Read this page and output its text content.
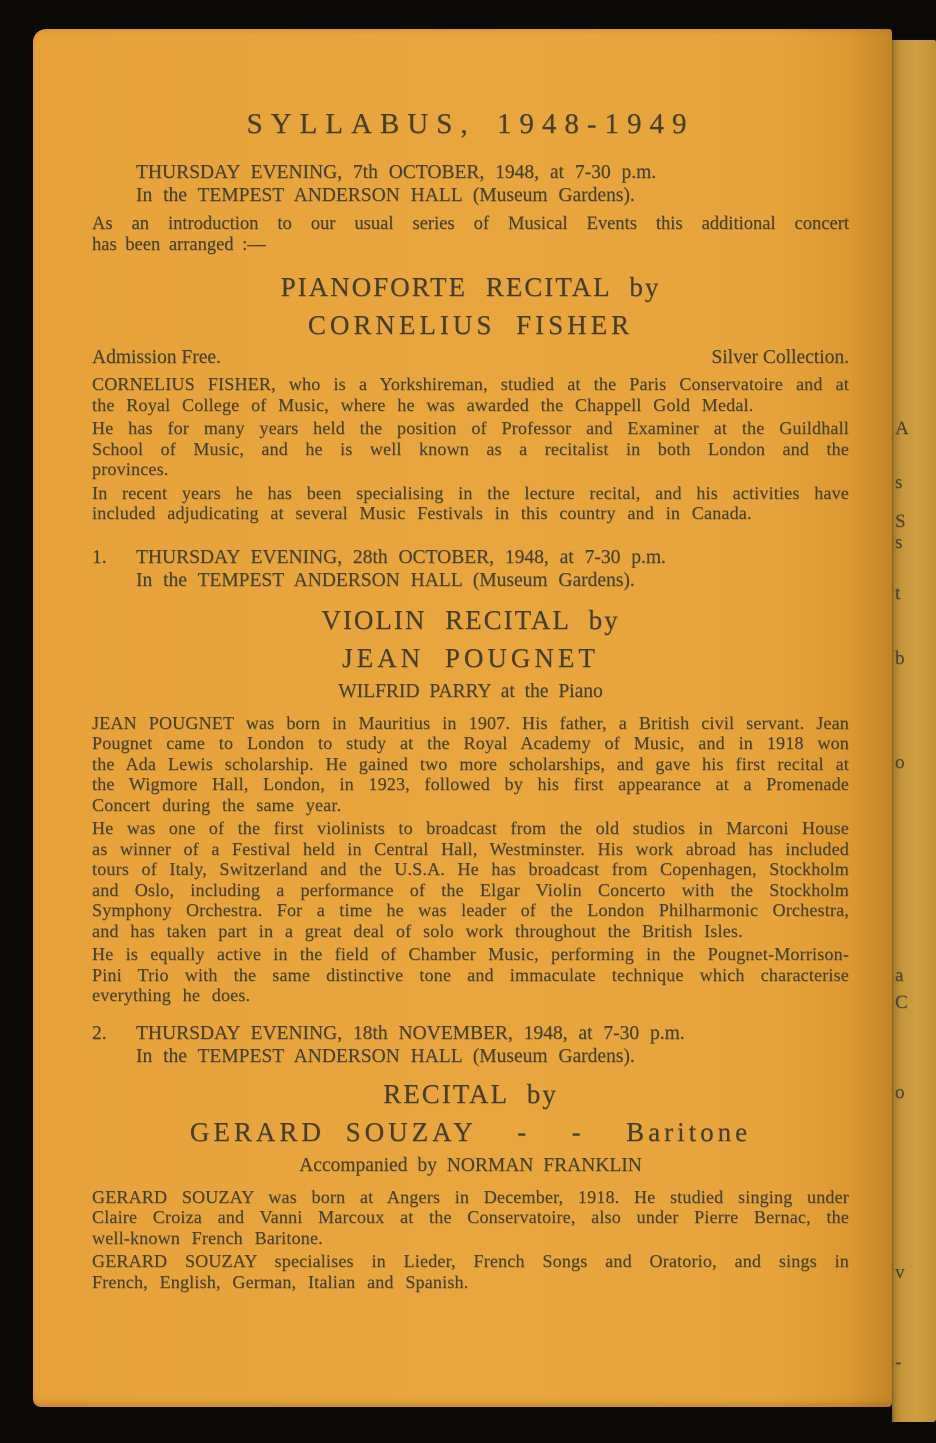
SYLLABUS, 1948-1949
THURSDAY EVENING, 7th OCTOBER, 1948, at 7-30 p.m.
In the TEMPEST ANDERSON HALL (Museum Gardens).
As an introduction to our usual series of Musical Events this additional concert
has been arranged :—
PIANOFORTE RECITAL by
CORNELIUS FISHER
Admission Free.	Silver Collection.

CORNELIUS FISHER, who is a Yorkshireman, studied at the Paris Conservatoire and at the Royal College of Music, where he was awarded the Chappell Gold Medal.

He has for many years held the position of Professor and Examiner at the Guildhall School of Music, and he is well known as a recitalist in both London and the provinces.

In recent years he has been specialising in the lecture recital, and his activities have included adjudicating at several Music Festivals in this country and in Canada.

1.	THURSDAY EVENING, 28th OCTOBER, 1948, at 7-30 p.m.
In the TEMPEST ANDERSON HALL (Museum Gardens).
VIOLIN RECITAL by
JEAN POUGNET
WILFRID PARRY at the Piano

JEAN POUGNET was born in Mauritius in 1907. His father, a British civil servant. Jean Pougnet came to London to study at the Royal Academy of Music, and in 1918 won the Ada Lewis scholarship. He gained two more scholarships, and gave his first recital at the Wigmore Hall, London, in 1923, followed by his first appearance at a Promenade Concert during the same year.

He was one of the first violinists to broadcast from the old studios in Marconi House as winner of a Festival held in Central Hall, Westminster. His work abroad has included tours of Italy, Switzerland and the U.S.A. He has broadcast from Copenhagen, Stockholm and Oslo, including a performance of the Elgar Violin Concerto with the Stockholm Symphony Orchestra. For a time he was leader of the London Philharmonic Orchestra, and has taken part in a great deal of solo work throughout the British Isles.

He is equally active in the field of Chamber Music, performing in the Pougnet-Morrison-Pini Trio with the same distinctive tone and immaculate technique which characterise everything he does.

2.	THURSDAY EVENING, 18th NOVEMBER, 1948, at 7-30 p.m.
In the TEMPEST ANDERSON HALL (Museum Gardens).
RECITAL by
GERARD SOUZAY  -  -  Baritone
Accompanied by NORMAN FRANKLIN

GERARD SOUZAY was born at Angers in December, 1918. He studied singing under Claire Croiza and Vanni Marcoux at the Conservatoire, also under Pierre Bernac, the well-known French Baritone.

GERARD SOUZAY specialises in Lieder, French Songs and Oratorio, and sings in French, English, German, Italian and Spanish.

A
s
S
s
t
b
o
a
C
o
v
-
